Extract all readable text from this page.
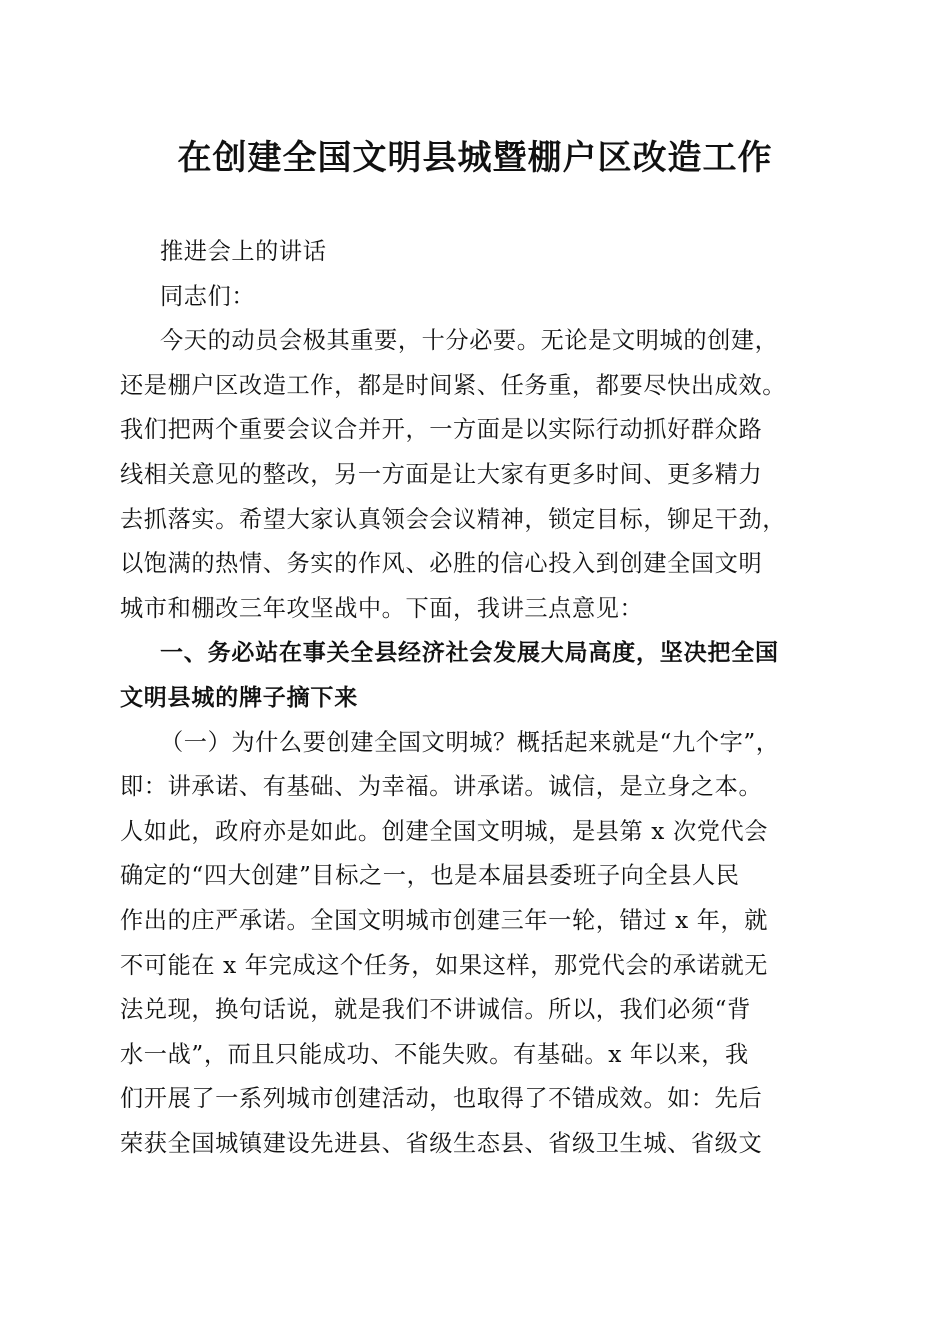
在创建全国文明县城暨棚户区改造工作
推进会上的讲话
同志们：
今天的动员会极其重要，十分必要。无论是文明城的创建，
还是棚户区改造工作，都是时间紧、任务重，都要尽快出成效。
我们把两个重要会议合并开，一方面是以实际行动抓好群众路
线相关意见的整改，另一方面是让大家有更多时间、更多精力
去抓落实。希望大家认真领会会议精神，锁定目标，铆足干劲，
以饱满的热情、务实的作风、必胜的信心投入到创建全国文明
城市和棚改三年攻坚战中。下面，我讲三点意见：
一、务必站在事关全县经济社会发展大局高度，坚决把全国
文明县城的牌子摘下来
（一）为什么要创建全国文明城？概括起来就是“九个字”，
即：讲承诺、有基础、为幸福。讲承诺。诚信，是立身之本。
人如此，政府亦是如此。创建全国文明城，是县第 x 次党代会
确定的“四大创建”目标之一，也是本届县委班子向全县人民
作出的庄严承诺。全国文明城市创建三年一轮，错过 x 年，就
不可能在 x 年完成这个任务，如果这样，那党代会的承诺就无
法兑现，换句话说，就是我们不讲诚信。所以，我们必须“背
水一战”，而且只能成功、不能失败。有基础。x 年以来，我
们开展了一系列城市创建活动，也取得了不错成效。如：先后
荣获全国城镇建设先进县、省级生态县、省级卫生城、省级文
